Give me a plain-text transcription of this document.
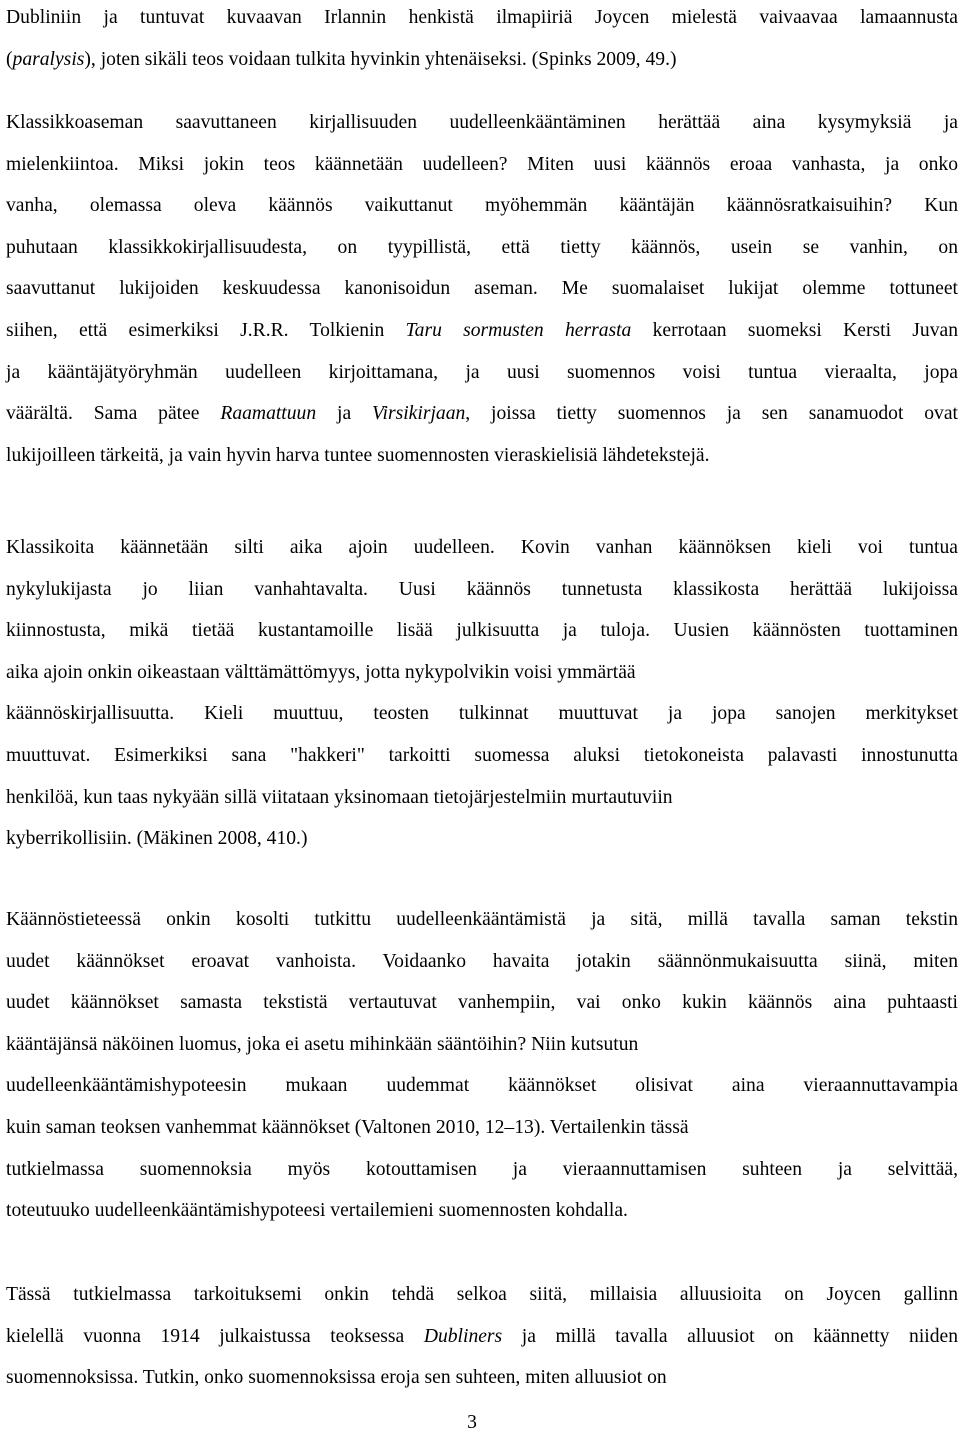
Dubliniin ja tuntuvat kuvaavan Irlannin henkistä ilmapiiriä Joycen mielestä vaivaavaa lamaannusta
(paralysis), joten sikäli teos voidaan tulkita hyvinkin yhtenäiseksi. (Spinks 2009, 49.)
Klassikkoaseman saavuttaneen kirjallisuuden uudelleenkääntäminen herättää aina kysymyksiä ja
mielenkiintoa. Miksi jokin teos käännetään uudelleen? Miten uusi käännös eroaa vanhasta, ja onko
vanha, olemassa oleva käännös vaikuttanut myöhemmän kääntäjän käännösratkaisuihin? Kun
puhutaan klassikkokirjallisuudesta, on tyypillistä, että tietty käännös, usein se vanhin, on
saavuttanut lukijoiden keskuudessa kanonisoidun aseman. Me suomalaiset lukijat olemme tottuneet
siihen, että esimerkiksi J.R.R. Tolkienin Taru sormusten herrasta kerrotaan suomeksi Kersti Juvan
ja kääntäjätyöryhmän uudelleen kirjoittamana, ja uusi suomennos voisi tuntua vieraalta, jopa
väärältä. Sama pätee Raamattuun ja Virsikirjaan, joissa tietty suomennos ja sen sanamuodot ovat
lukijoilleen tärkeitä, ja vain hyvin harva tuntee suomennosten vieraskielisiä lähdetekstejä.
Klassikoita käännetään silti aika ajoin uudelleen. Kovin vanhan käännöksen kieli voi tuntua
nykylukijasta jo liian vanhahtavalta. Uusi käännös tunnetusta klassikosta herättää lukijoissa
kiinnostusta, mikä tietää kustantamoille lisää julkisuutta ja tuloja. Uusien käännösten tuottaminen
aika ajoin onkin oikeastaan välttämättömyys, jotta nykypolvikin voisi ymmärtää
käännöskirjallisuutta. Kieli muuttuu, teosten tulkinnat muuttuvat ja jopa sanojen merkitykset
muuttuvat. Esimerkiksi sana "hakkeri" tarkoitti suomessa aluksi tietokoneista palavasti innostunutta
henkilöä, kun taas nykyään sillä viitataan yksinomaan tietojärjestelmiin murtautuviin
kyberrikollisiin. (Mäkinen 2008, 410.)
Käännöstieteessä onkin kosolti tutkittu uudelleenkääntämistä ja sitä, millä tavalla saman tekstin
uudet käännökset eroavat vanhoista. Voidaanko havaita jotakin säännönmukaisuutta siinä, miten
uudet käännökset samasta tekstistä vertautuvat vanhempiin, vai onko kukin käännös aina puhtaasti
kääntäjänsä näköinen luomus, joka ei asetu mihinkään sääntöihin? Niin kutsutun
uudelleenkääntämishypoteesin mukaan uudemmat käännökset olisivat aina vieraannuttavampia
kuin saman teoksen vanhemmat käännökset (Valtonen 2010, 12–13). Vertailenkin tässä
tutkielmassa suomennoksia myös kotouttamisen ja vieraannuttamisen suhteen ja selvittää,
toteutuuko uudelleenkääntämishypoteesi vertailemieni suomennosten kohdalla.
Tässä tutkielmassa tarkoituksemi onkin tehdä selkoa siitä, millaisia alluusioita on Joycen gallinn
kielellä vuonna 1914 julkaistussa teoksessa Dubliners ja millä tavalla alluusiot on käännetty niiden
suomennoksissa. Tutkin, onko suomennoksissa eroja sen suhteen, miten alluusiot on
3
